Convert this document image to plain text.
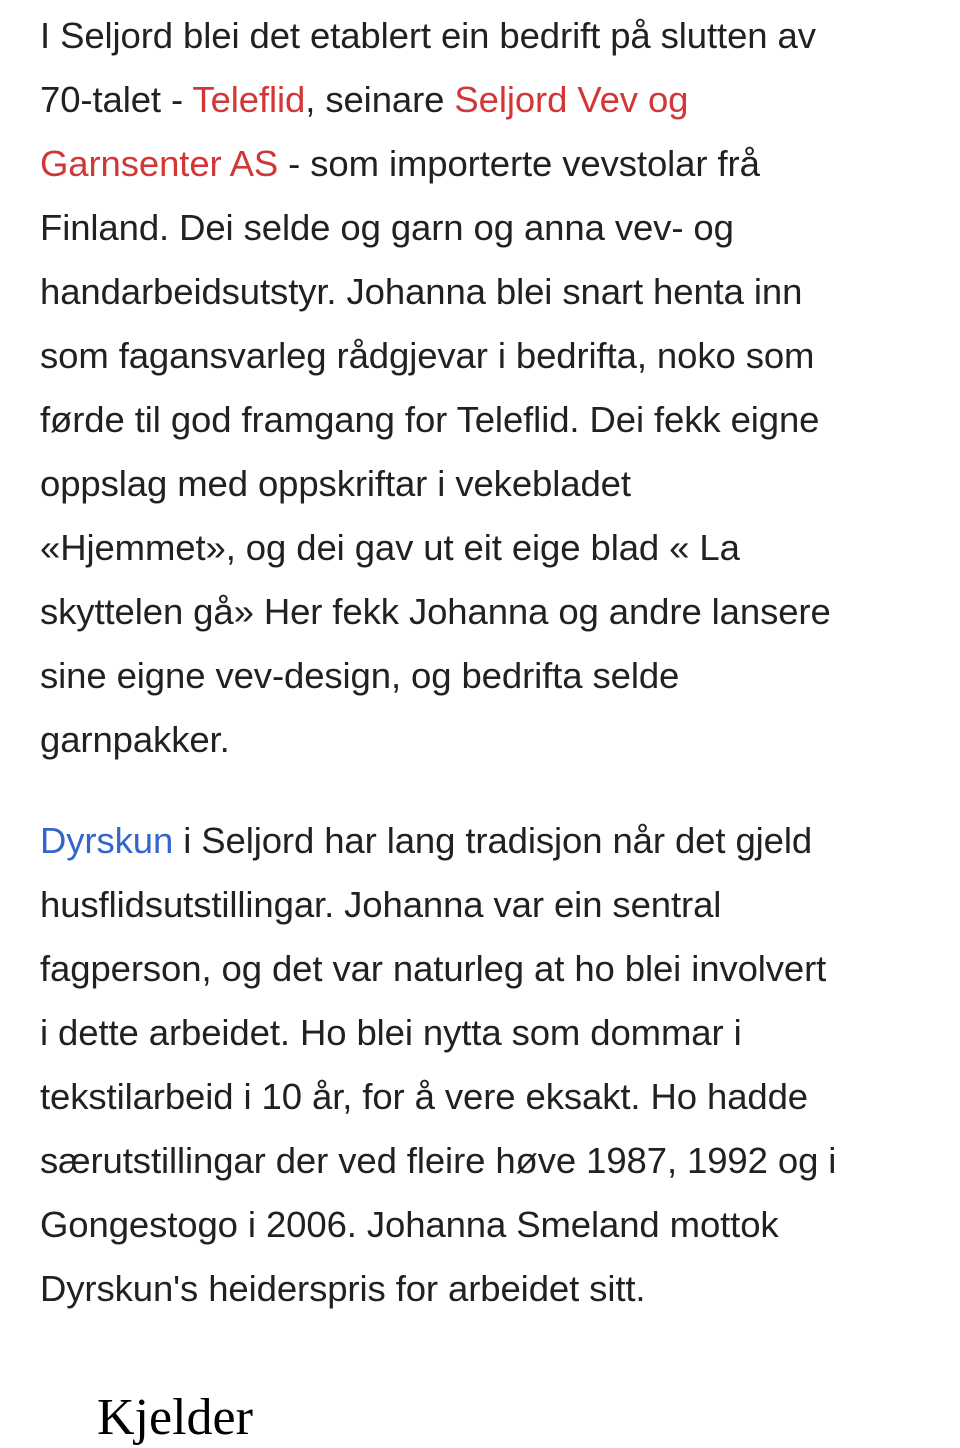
I Seljord blei det etablert ein bedrift på slutten av
70-talet - Teleflid, seinare Seljord Vev og
Garnsenter AS - som importerte vevstolar frå
Finland. Dei selde og garn og anna vev- og
handarbeidsutstyr. Johanna blei snart henta inn
som fagansvarleg rådgjevar i bedrifta, noko som
førde til god framgang for Teleflid. Dei fekk eigne
oppslag med oppskriftar i vekebladet
«Hjemmet», og dei gav ut eit eige blad « La
skyttelen gå» Her fekk Johanna og andre lansere
sine eigne vev-design, og bedrifta selde
garnpakker.

Dyrskun i Seljord har lang tradisjon når det gjeld
husflidsutstillingar. Johanna var ein sentral
fagperson, og det var naturleg at ho blei involvert
i dette arbeidet. Ho blei nytta som dommar i
tekstilarbeid i 10 år, for å vere eksakt. Ho hadde
særutstillingar der ved fleire høve 1987, 1992 og i
Gongestogo i 2006. Johanna Smeland mottok
Dyrskun's heiderspris for arbeidet sitt.

Kjelder
